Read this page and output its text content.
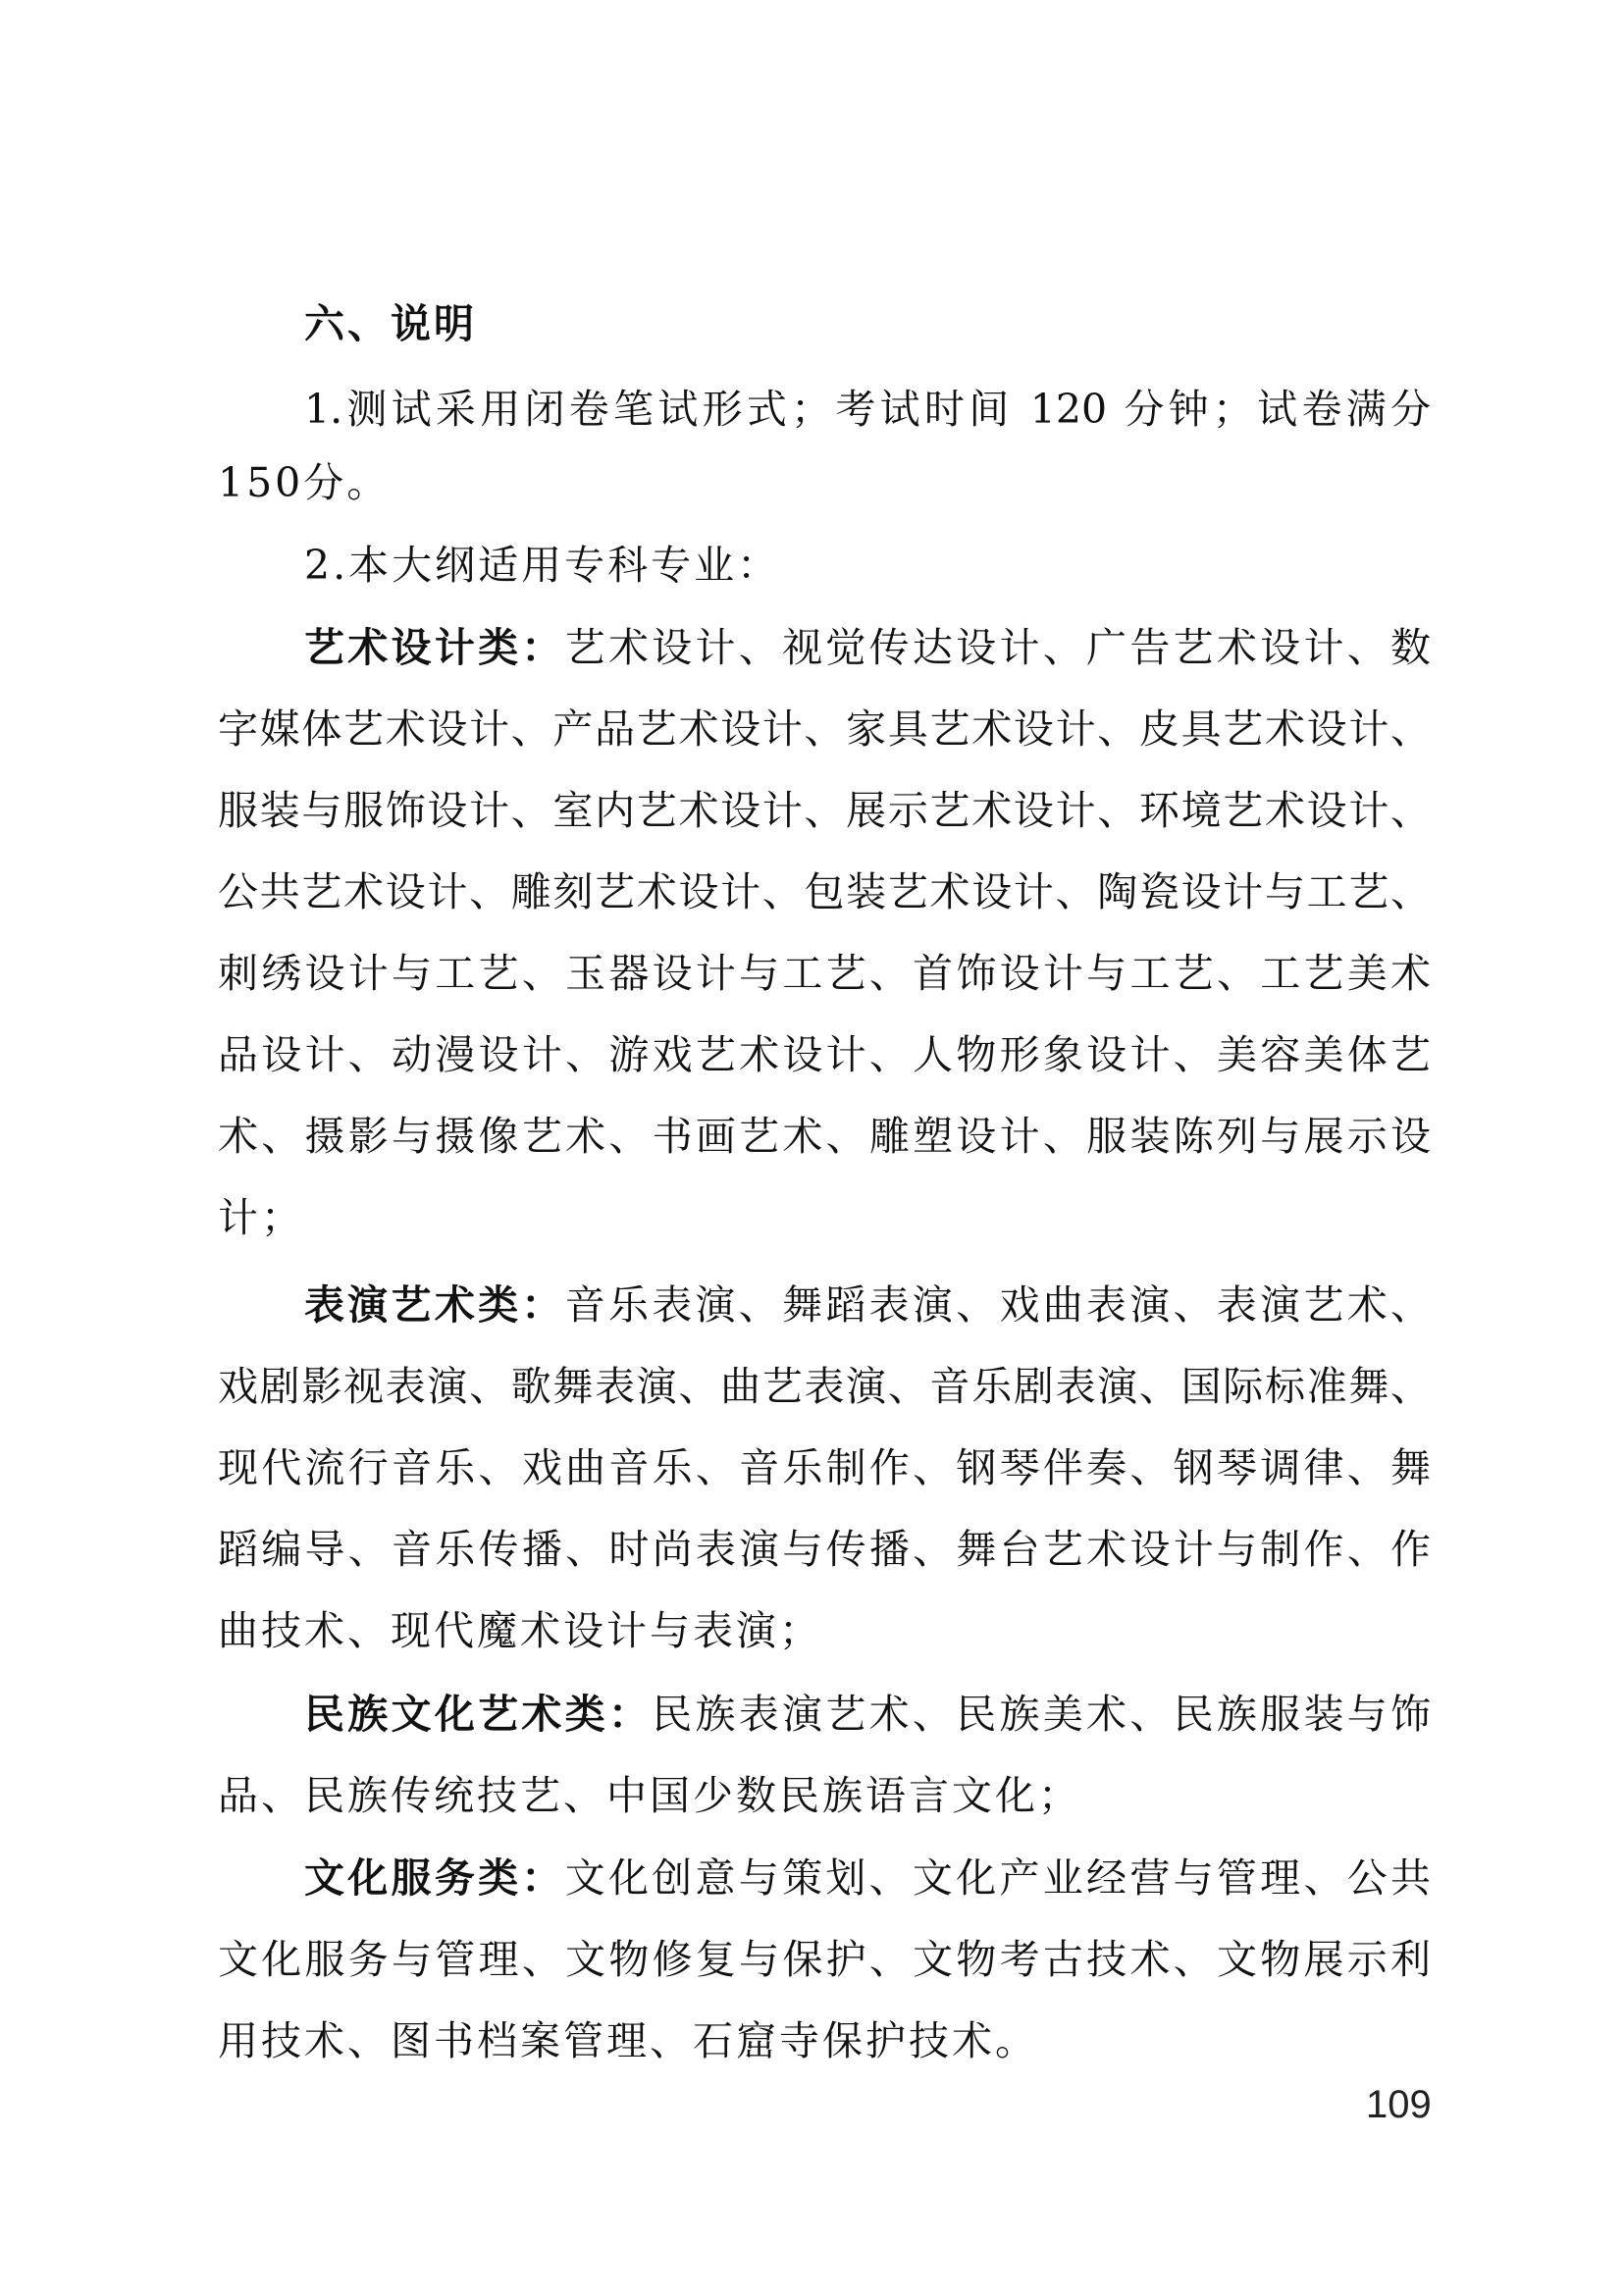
六、说明
1.测试采用闭卷笔试形式；考试时间 120 分钟；试卷满分
150分。
2.本大纲适用专科专业：
艺术设计类：艺术设计、视觉传达设计、广告艺术设计、数
字媒体艺术设计、产品艺术设计、家具艺术设计、皮具艺术设计、
服装与服饰设计、室内艺术设计、展示艺术设计、环境艺术设计、
公共艺术设计、雕刻艺术设计、包装艺术设计、陶瓷设计与工艺、
刺绣设计与工艺、玉器设计与工艺、首饰设计与工艺、工艺美术
品设计、动漫设计、游戏艺术设计、人物形象设计、美容美体艺
术、摄影与摄像艺术、书画艺术、雕塑设计、服装陈列与展示设
计；
表演艺术类：音乐表演、舞蹈表演、戏曲表演、表演艺术、
戏剧影视表演、歌舞表演、曲艺表演、音乐剧表演、国际标准舞、
现代流行音乐、戏曲音乐、音乐制作、钢琴伴奏、钢琴调律、舞
蹈编导、音乐传播、时尚表演与传播、舞台艺术设计与制作、作
曲技术、现代魔术设计与表演；
民族文化艺术类：民族表演艺术、民族美术、民族服装与饰
品、民族传统技艺、中国少数民族语言文化；
文化服务类：文化创意与策划、文化产业经营与管理、公共
文化服务与管理、文物修复与保护、文物考古技术、文物展示利
用技术、图书档案管理、石窟寺保护技术。
109
